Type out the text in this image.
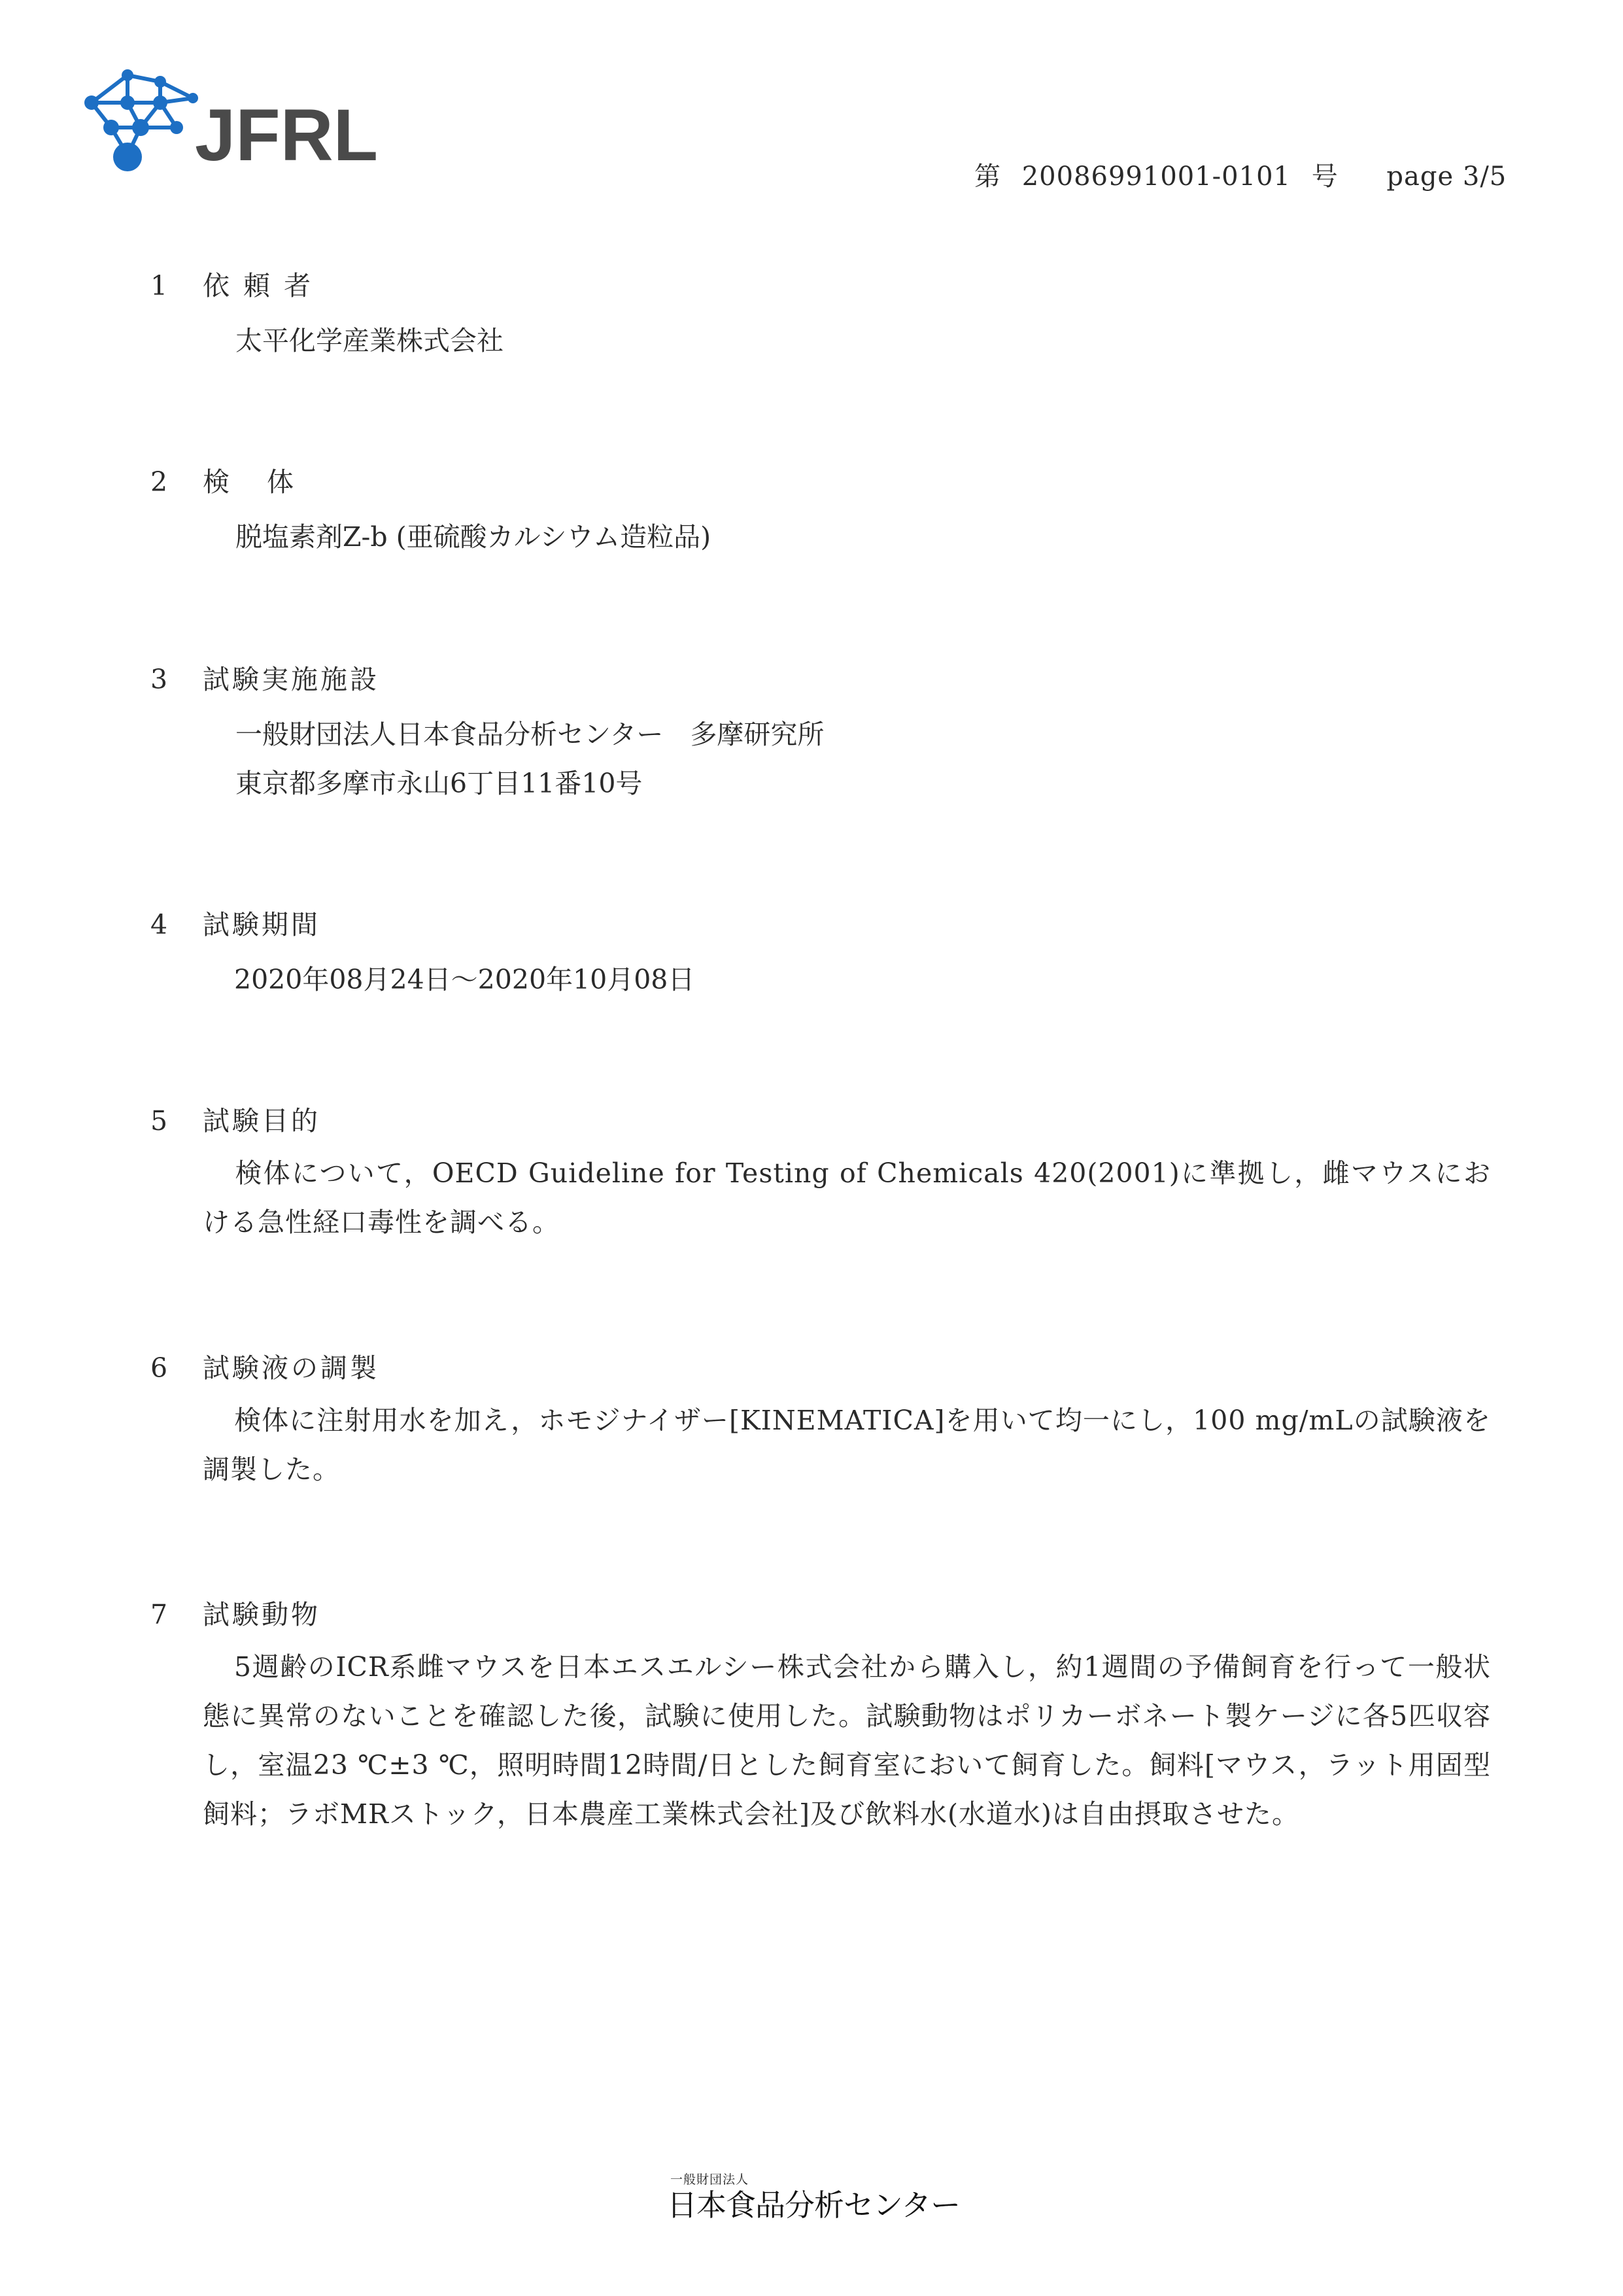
JFRL
第 20086991001-0101 号 page 3/5
1 依 頼 者
太平化学産業株式会社
2 検 体
脱塩素剤Z-b (亜硫酸カルシウム造粒品)
3 試験実施施設
一般財団法人日本食品分析センター　多摩研究所
東京都多摩市永山6丁目11番10号
4 試験期間
2020年08月24日～2020年10月08日
5 試験目的
検体について，OECD Guideline for Testing of Chemicals 420(2001)に準拠し，雌マウスにおける急性経口毒性を調べる。
6 試験液の調製
検体に注射用水を加え，ホモジナイザー[KINEMATICA]を用いて均一にし，100 mg/mLの試験液を調製した。
7 試験動物
5週齢のICR系雌マウスを日本エスエルシー株式会社から購入し，約1週間の予備飼育を行って一般状態に異常のないことを確認した後，試験に使用した。試験動物はポリカーボネート製ケージに各5匹収容し，室温23 ℃±3 ℃，照明時間12時間/日とした飼育室において飼育した。飼料[マウス，ラット用固型飼料；ラボMRストック，日本農産工業株式会社]及び飲料水(水道水)は自由摂取させた。
一般財団法人
日本食品分析センター
